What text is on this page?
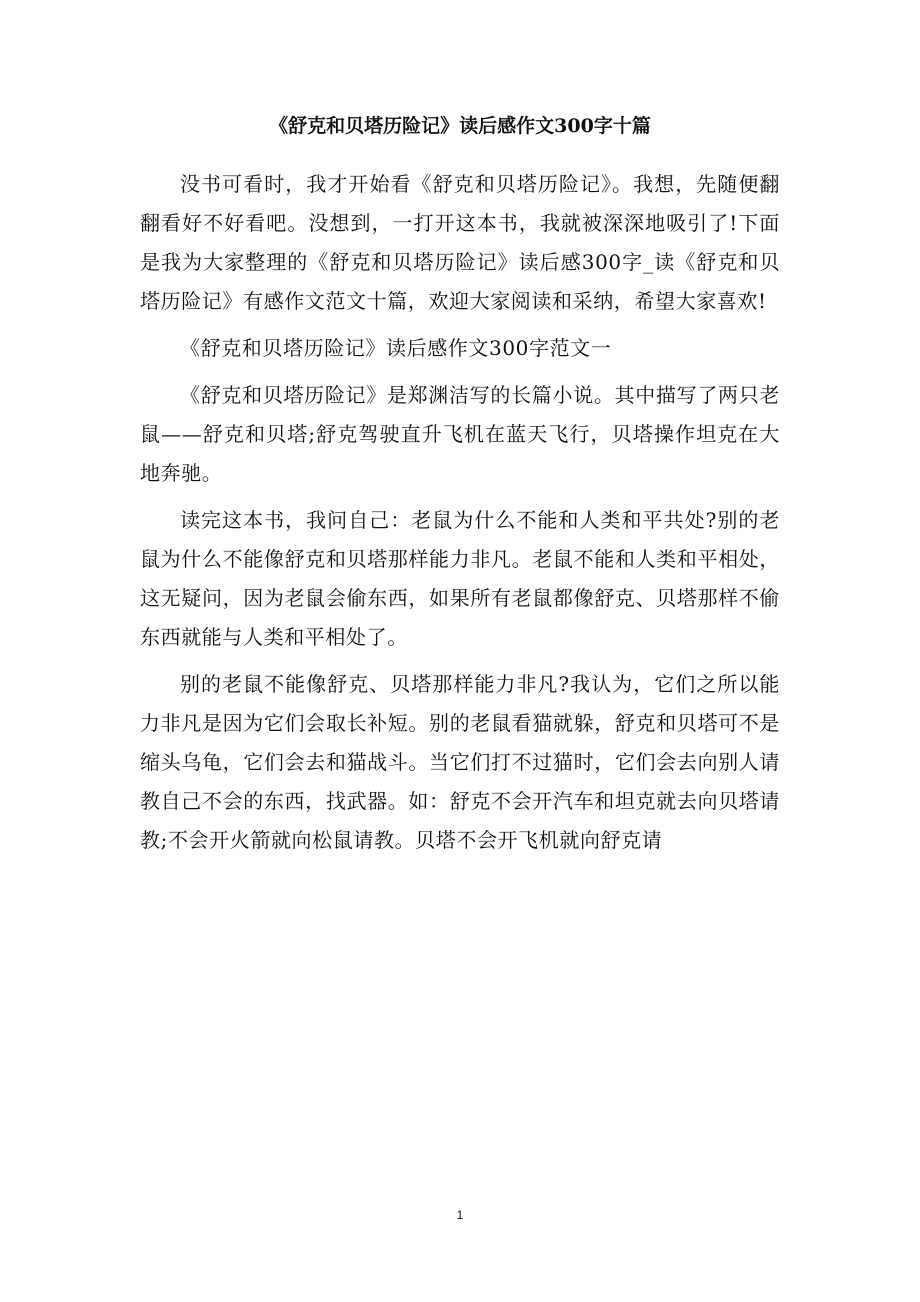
《舒克和贝塔历险记》读后感作文300字十篇

没书可看时，我才开始看《舒克和贝塔历险记》。我想，先随便翻翻看好不好看吧。没想到，一打开这本书，我就被深深地吸引了!下面是我为大家整理的《舒克和贝塔历险记》读后感300字_读《舒克和贝塔历险记》有感作文范文十篇，欢迎大家阅读和采纳，希望大家喜欢!

《舒克和贝塔历险记》读后感作文300字范文一

《舒克和贝塔历险记》是郑渊洁写的长篇小说。其中描写了两只老鼠——舒克和贝塔;舒克驾驶直升飞机在蓝天飞行，贝塔操作坦克在大地奔驰。

读完这本书，我问自己：老鼠为什么不能和人类和平共处?别的老鼠为什么不能像舒克和贝塔那样能力非凡。老鼠不能和人类和平相处，这无疑问，因为老鼠会偷东西，如果所有老鼠都像舒克、贝塔那样不偷东西就能与人类和平相处了。

别的老鼠不能像舒克、贝塔那样能力非凡?我认为，它们之所以能力非凡是因为它们会取长补短。别的老鼠看猫就躲，舒克和贝塔可不是缩头乌龟，它们会去和猫战斗。当它们打不过猫时，它们会去向别人请教自己不会的东西，找武器。如：舒克不会开汽车和坦克就去向贝塔请教;不会开火箭就向松鼠请教。贝塔不会开飞机就向舒克请

1
